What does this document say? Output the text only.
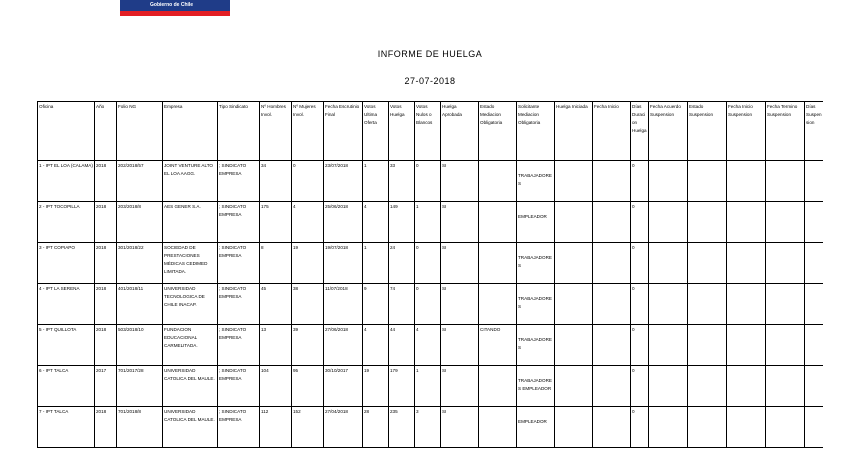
Gobierno de Chile
INFORME DE HUELGA
27-07-2018
Oficina	Año	Folio NG	Empresa	Tipo Sindicato	Nº Hombres Invol.	Nº Mujeres Invol.	Fecha Escrutinio Final	Votos Ultima Oferta	Votos Huelga	Votos Nulos o Blancos	Huelga Aprobada	Estado Mediacion Obligatoria	Solicitante Mediacion Obligatoria	Huelga Iniciada	Fecha Inicio	Días Duracion Huelga	Fecha Acuerdo Suspension	Estado Suspension	Fecha Inicio Suspension	Fecha Termino Suspension	Días Suspension
1 - IPT EL LOA (CALAMA)	2018	202/2018/57	JOINT VENTURE ALTO EL LOA AAGG.	; SINDICATO EMPRESA	34	0	23/07/2018	1	33	0	SI		TRABAJADORES			0					
2 - IPT TOCOPILLA	2018	203/2018/8	AES GENER S.A.	; SINDICATO EMPRESA	175	4	25/06/2018	4	149	1	SI		EMPLEADOR			0					
3 - IPT COPIAPO	2018	301/2018/22	SOCIEDAD DE PRESTACIONES MÉDICAS CEDIMED LIMITADA.	; SINDICATO EMPRESA	8	19	19/07/2018	1	24	0	SI		TRABAJADORES			0					
4 - IPT LA SERENA	2018	401/2018/11	UNIVERSIDAD TECNOLOGICA DE CHILE INACAP.	; SINDICATO EMPRESA	45	38	11/07/2018	9	74	0	SI		TRABAJADORES			0					
5 - IPT QUILLOTA	2018	503/2018/10	FUNDACION EDUCACIONAL CARMELITADA.	; SINDICATO EMPRESA	13	39	27/06/2018	4	44	4	SI	CITANDO	TRABAJADORES			0					
6 - IPT TALCA	2017	701/2017/28	UNIVERSIDAD CATOLICA DEL MAULE.	; SINDICATO EMPRESA	104	95	30/10/2017	19	179	1	SI		TRABAJADORES EMPLEADOR			0					
7 - IPT TALCA	2018	701/2018/8	UNIVERSIDAD CATOLICA DEL MAULE.	; SINDICATO EMPRESA	112	152	27/04/2018	28	235	3	SI		EMPLEADOR			0					
